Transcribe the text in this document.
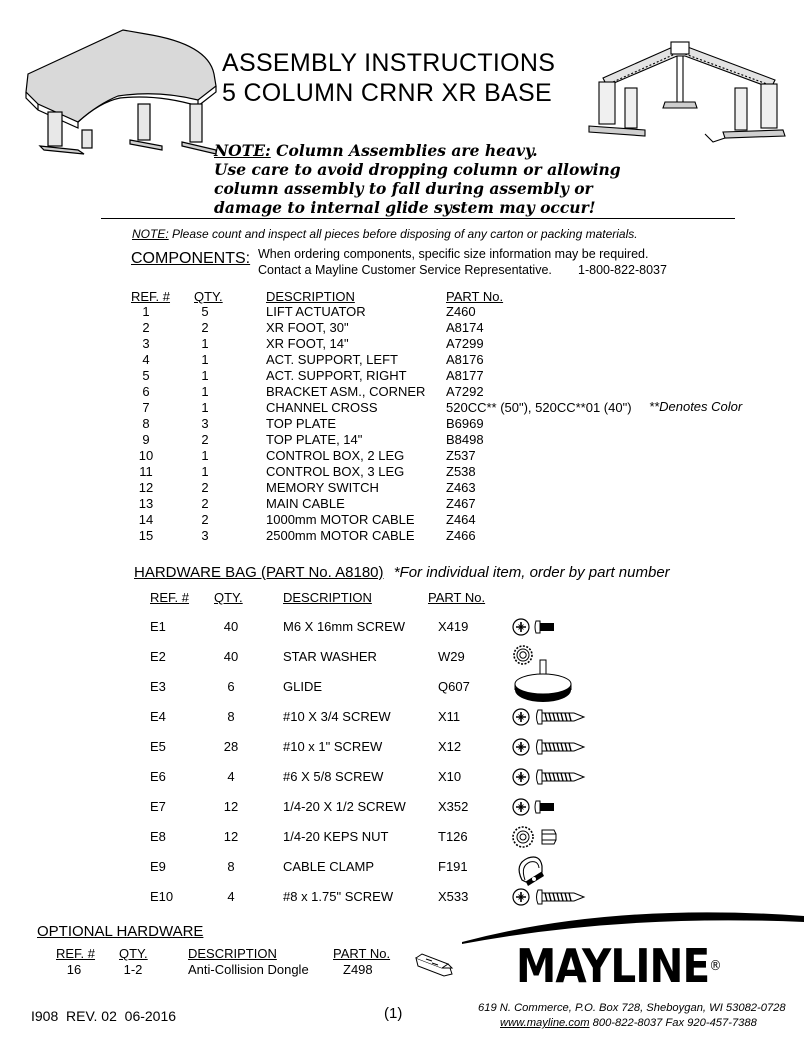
ASSEMBLY INSTRUCTIONS
5 COLUMN CRNR XR BASE
NOTE: Column Assemblies are heavy.
Use care to avoid dropping column or allowing
column assembly to fall during assembly or
damage to internal glide system may occur!
NOTE: Please count and inspect all pieces before disposing of any carton or packing materials.
COMPONENTS: When ordering components, specific size information may be required.
Contact a Mayline Customer Service Representative. 1-800-822-8037
REF. # QTY.	DESCRIPTION	PART No.
1	5	LIFT ACTUATOR	Z460
2	2	XR FOOT, 30"	A8174
3	1	XR FOOT, 14"	A7299
4	1	ACT. SUPPORT, LEFT	A8176
5	1	ACT. SUPPORT, RIGHT	A8177
6	1	BRACKET ASM., CORNER A7292
7	1	CHANNEL CROSS	520CC** (50"), 520CC**01 (40")
8	3	TOP PLATE	B6969
9	2	TOP PLATE, 14"	B8498
10	1	CONTROL BOX, 2 LEG	Z537
11	1	CONTROL BOX, 3 LEG	Z538
12	2	MEMORY SWITCH	Z463
13	2	MAIN CABLE	Z467
14	2	1000mm MOTOR CABLE Z464
15	3	2500mm MOTOR CABLE Z466
**Denotes Color
HARDWARE BAG (PART No. A8180) *For individual item, order by part number
REF. # QTY.	DESCRIPTION	PART No.
E1	40	M6 X 16mm SCREW	X419
E2	40	STAR WASHER	W29
E3	6	GLIDE	Q607
E4	8	#10 X 3/4 SCREW	X11
E5	28	#10 x 1" SCREW	X12
E6	4	#6 X 5/8 SCREW	X10
E7	12	1/4-20 X 1/2 SCREW X352
E8	12	1/4-20 KEPS NUT	T126
E9	8	CABLE CLAMP	F191
E10	4	#8 x 1.75" SCREW	X533
OPTIONAL HARDWARE
REF. # QTY.	DESCRIPTION	PART No.
16	1-2	Anti-Collision Dongle	Z498	MAYLINE®
619 N. Commerce, P.O. Box 728, Sheboygan, WI 53082-0728
www.mayline.com 800-822-8037 Fax 920-457-7388
I908  REV. 02  06-2016	(1)
